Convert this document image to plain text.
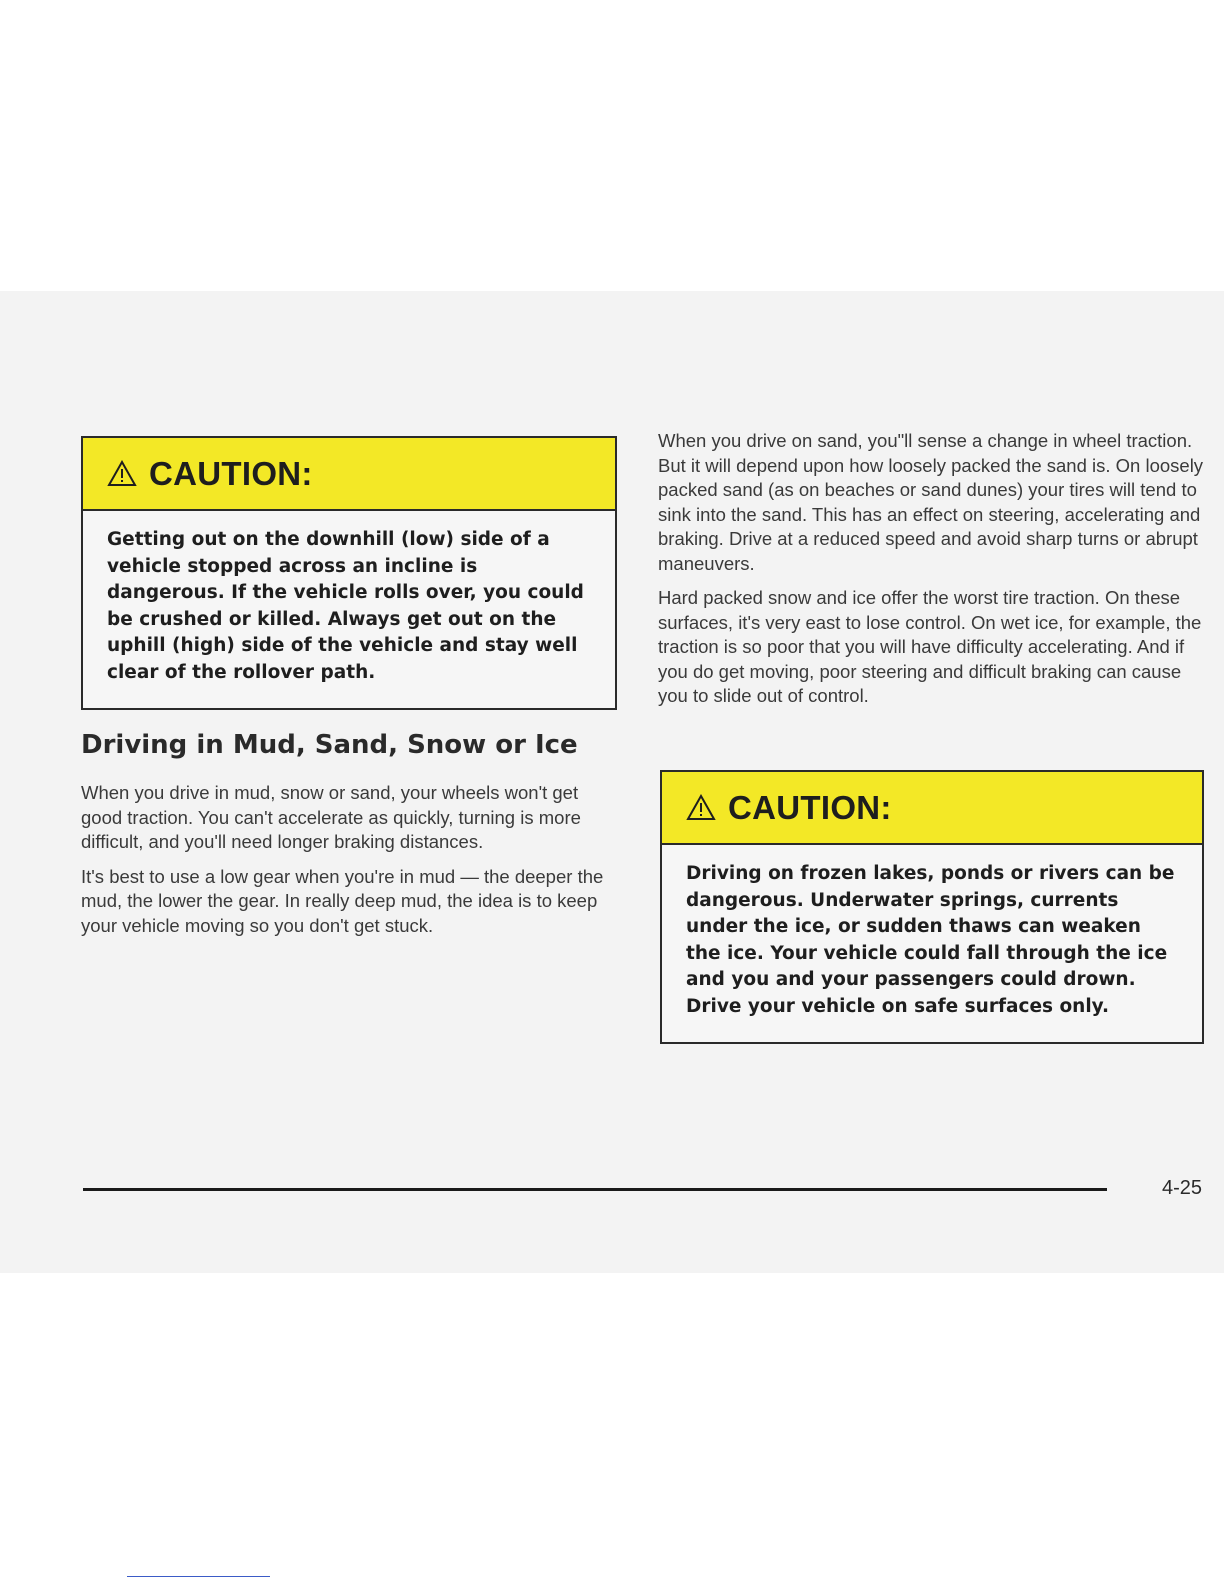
CAUTION:
Getting out on the downhill (low) side of a vehicle stopped across an incline is dangerous. If the vehicle rolls over, you could be crushed or killed. Always get out on the uphill (high) side of the vehicle and stay well clear of the rollover path.
Driving in Mud, Sand, Snow or Ice

When you drive in mud, snow or sand, your wheels won't get good traction. You can't accelerate as quickly, turning is more difficult, and you'll need longer braking distances.

It's best to use a low gear when you're in mud — the deeper the mud, the lower the gear. In really deep mud, the idea is to keep your vehicle moving so you don't get stuck.

When you drive on sand, you"ll sense a change in wheel traction. But it will depend upon how loosely packed the sand is. On loosely packed sand (as on beaches or sand dunes) your tires will tend to sink into the sand. This has an effect on steering, accelerating and braking. Drive at a reduced speed and avoid sharp turns or abrupt maneuvers.

Hard packed snow and ice offer the worst tire traction. On these surfaces, it's very east to lose control. On wet ice, for example, the traction is so poor that you will have difficulty accelerating. And if you do get moving, poor steering and difficult braking can cause you to slide out of control.

CAUTION:
Driving on frozen lakes, ponds or rivers can be dangerous. Underwater springs, currents under the ice, or sudden thaws can weaken the ice. Your vehicle could fall through the ice and you and your passengers could drown. Drive your vehicle on safe surfaces only.
4-25
